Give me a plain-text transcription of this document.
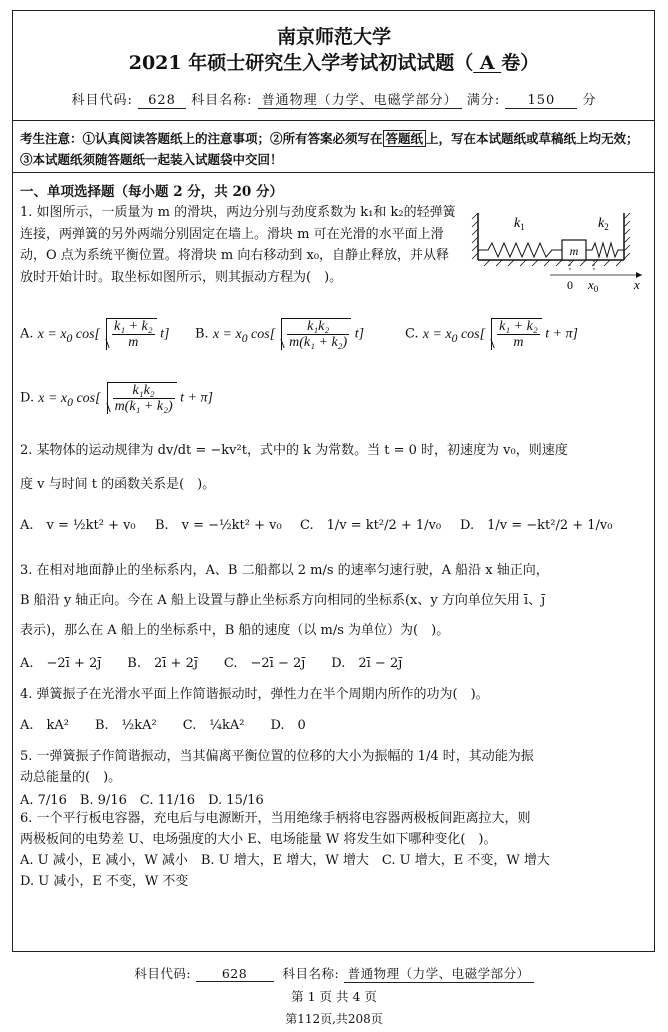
南京师范大学
2021 年硕士研究生入学考试初试试题（ A 卷）
科目代码: 628 科目名称: 普通物理（力学、电磁学部分） 满分: 150 分
考生注意：①认真阅读答题纸上的注意事项；②所有答案必须写在 答题纸 上，写在本试题纸或草稿纸上均无效；③本试题纸须随答题纸一起装入试题袋中交回！
一、单项选择题（每小题 2 分，共 20 分）
1. 如图所示，一质量为 m 的滑块，两边分别与劲度系数为 k₁和 k₂的轻弹簧连接，两弹簧的另外两端分别固定在墙上。滑块 m 可在光滑的水平面上滑动，O 点为系统平衡位置。将滑块 m 向右移动到 x₀，自静止释放，并从释放时开始计时。取坐标如图所示，则其振动方程为(　)。
m
$k_1$	$k_2$
0 $x_0$	x
A. $x = x_0$ $\cos[ \frac{\text{k₁ + k₂}}{m} t]$ B. $x = x_0$ $\cos[ \frac{\text{k₁k₂}}{\text{m(k₁ + k₂)}} t]$	C. $x = x_0$ $\cos[ \frac{\text{k₁ + k₂}}{m}$ t + π]
D. $x = x_0$ $\cos[ \frac{\text{k₁k₂}}{\text{m(k₁ + k₂)}}$ t + π]
2. 某物体的运动规律为 dv/dt = −kv²t，式中的 k 为常数。当 t = 0 时，初速度为 v₀，则速度
度 v 与时间 t 的函数关系是(　)。
A.　v = ½kt² + v₀ B.　v = −½kt² + v₀ C.　1/v = kt²/2 + 1/v₀ D.　1/v = −kt²/2 + 1/v₀
3. 在相对地面静止的坐标系内，A、B 二船都以 2 m/s 的速率匀速行驶，A 船沿 x 轴正向，
B 船沿 y 轴正向。今在 A 船上设置与静止坐标系方向相同的坐标系(x、y 方向单位矢用 ī、j̄
表示)，那么在 A 船上的坐标系中，B 船的速度（以 m/s 为单位）为(　)。
A.　−2ī + 2j̄　　B.　2ī + 2j̄　　C.　−2ī − 2j̄　　D.　2ī − 2j̄
4. 弹簧振子在光滑水平面上作简谐振动时，弹性力在半个周期内所作的功为(　)。
A.　kA²　　B.　½kA²　　C.　¼kA²　　D.　0
5. 一弹簧振子作简谐振动，当其偏离平衡位置的位移的大小为振幅的 1/4 时，其动能为振
动总能量的(　)。
A. 7/16　B. 9/16　C. 11/16　D. 15/16
6. 一个平行板电容器，充电后与电源断开，当用绝缘手柄将电容器两极板间距离拉大，则
两极板间的电势差 U、电场强度的大小 E、电场能量 W 将发生如下哪种变化(　)。
A. U 减小，E 减小，W 减小　B. U 增大，E 增大，W 增大　C. U 增大，E 不变，W 增大
D. U 减小，E 不变，W 不变
科目代码: 628	科目名称: 普通物理（力学、电磁学部分）
第 1 页 共 4 页
第112页,共208页
